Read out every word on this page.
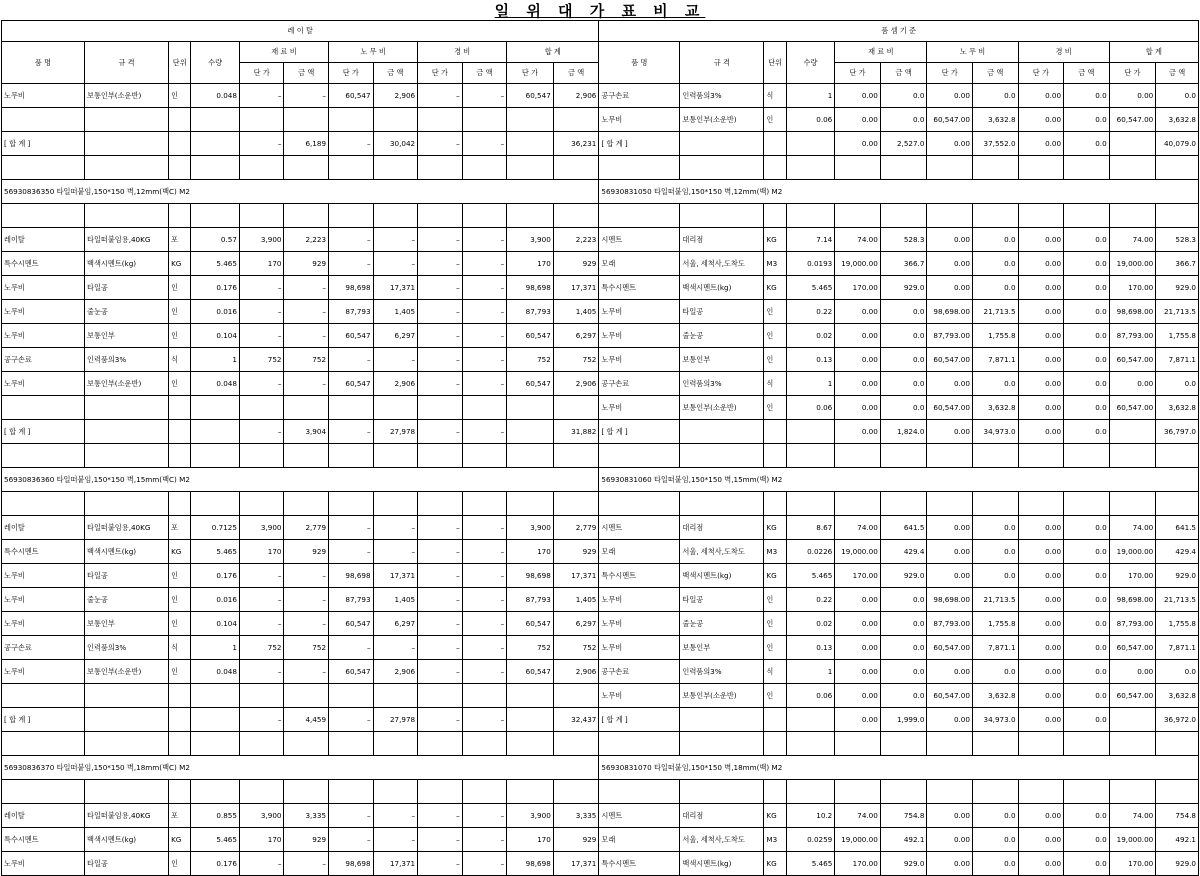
일 위 대 가 표 비 교
레 이 탈												품 셈 기 준											
품 명	규 격	단위	수량	재 료 비		노 무 비		경 비		합 계		품 명	규 격	단위	수량	재 료 비		노 무 비		경 비		합 계	
				단 가	금 액	단 가	금 액	단 가	금 액	단 가	금 액					단 가	금 액	단 가	금 액	단 가	금 액	단 가	금 액
노무비	보통인부(소운반)	인	0.048	–	–	60,547	2,906	–	–	60,547	2,906	공구손료	인력품의3%	식	1	0.00	0.0	0.00	0.0	0.00	0.0	0.00	0.0
												노무비	보통인부(소운반)	인	0.06	0.00	0.0	60,547.00	3,632.8	0.00	0.0	60,547.00	3,632.8
[ 합 계 ]				–	6,189	–	30,042	–	–		36,231	[ 합 계 ]				0.00	2,527.0	0.00	37,552.0	0.00	0.0		40,079.0

56930836350 타일떠붙임,150*150 벽,12mm(백C) M2												56930831050 타일떠붙임,150*150 벽,12mm(백) M2											

레이탈	타일떠붙임용,40KG	포	0.57	3,900	2,223	–	–	–	–	3,900	2,223	시멘트	대리점	KG	7.14	74.00	528.3	0.00	0.0	0.00	0.0	74.00	528.3
특수시멘트	백색시멘트(kg)	KG	5.465	170	929	–	–	–	–	170	929	모래	서울, 세척사,도착도	M3	0.0193	19,000.00	366.7	0.00	0.0	0.00	0.0	19,000.00	366.7
노무비	타일공	인	0.176	–	–	98,698	17,371	–	–	98,698	17,371	특수시멘트	백색시멘트(kg)	KG	5.465	170.00	929.0	0.00	0.0	0.00	0.0	170.00	929.0
노무비	줄눈공	인	0.016	–	–	87,793	1,405	–	–	87,793	1,405	노무비	타일공	인	0.22	0.00	0.0	98,698.00	21,713.5	0.00	0.0	98,698.00	21,713.5
노무비	보통인부	인	0.104	–	–	60,547	6,297	–	–	60,547	6,297	노무비	줄눈공	인	0.02	0.00	0.0	87,793.00	1,755.8	0.00	0.0	87,793.00	1,755.8
공구손료	인력품의3%	식	1	752	752	–	–	–	–	752	752	노무비	보통인부	인	0.13	0.00	0.0	60,547.00	7,871.1	0.00	0.0	60,547.00	7,871.1
노무비	보통인부(소운반)	인	0.048	–	–	60,547	2,906	–	–	60,547	2,906	공구손료	인력품의3%	식	1	0.00	0.0	0.00	0.0	0.00	0.0	0.00	0.0
												노무비	보통인부(소운반)	인	0.06	0.00	0.0	60,547.00	3,632.8	0.00	0.0	60,547.00	3,632.8
[ 합 계 ]				–	3,904	–	27,978	–	–		31,882	[ 합 계 ]				0.00	1,824.0	0.00	34,973.0	0.00	0.0		36,797.0

56930836360 타일떠붙임,150*150 벽,15mm(백C) M2												56930831060 타일떠붙임,150*150 벽,15mm(백) M2											

레이탈	타일떠붙임용,40KG	포	0.7125	3,900	2,779	–	–	–	–	3,900	2,779	시멘트	대리점	KG	8.67	74.00	641.5	0.00	0.0	0.00	0.0	74.00	641.5
특수시멘트	백색시멘트(kg)	KG	5.465	170	929	–	–	–	–	170	929	모래	서울, 세척사,도착도	M3	0.0226	19,000.00	429.4	0.00	0.0	0.00	0.0	19,000.00	429.4
노무비	타일공	인	0.176	–	–	98,698	17,371	–	–	98,698	17,371	특수시멘트	백색시멘트(kg)	KG	5.465	170.00	929.0	0.00	0.0	0.00	0.0	170.00	929.0
노무비	줄눈공	인	0.016	–	–	87,793	1,405	–	–	87,793	1,405	노무비	타일공	인	0.22	0.00	0.0	98,698.00	21,713.5	0.00	0.0	98,698.00	21,713.5
노무비	보통인부	인	0.104	–	–	60,547	6,297	–	–	60,547	6,297	노무비	줄눈공	인	0.02	0.00	0.0	87,793.00	1,755.8	0.00	0.0	87,793.00	1,755.8
공구손료	인력품의3%	식	1	752	752	–	–	–	–	752	752	노무비	보통인부	인	0.13	0.00	0.0	60,547.00	7,871.1	0.00	0.0	60,547.00	7,871.1
노무비	보통인부(소운반)	인	0.048	–	–	60,547	2,906	–	–	60,547	2,906	공구손료	인력품의3%	식	1	0.00	0.0	0.00	0.0	0.00	0.0	0.00	0.0
												노무비	보통인부(소운반)	인	0.06	0.00	0.0	60,547.00	3,632.8	0.00	0.0	60,547.00	3,632.8
[ 합 계 ]				–	4,459	–	27,978	–	–		32,437	[ 합 계 ]				0.00	1,999.0	0.00	34,973.0	0.00	0.0		36,972.0

56930836370 타일떠붙임,150*150 벽,18mm(백C) M2												56930831070 타일떠붙임,150*150 벽,18mm(백) M2											

레이탈	타일떠붙임용,40KG	포	0.855	3,900	3,335	–	–	–	–	3,900	3,335	시멘트	대리점	KG	10.2	74.00	754.8	0.00	0.0	0.00	0.0	74.00	754.8
특수시멘트	백색시멘트(kg)	KG	5.465	170	929	–	–	–	–	170	929	모래	서울, 세척사,도착도	M3	0.0259	19,000.00	492.1	0.00	0.0	0.00	0.0	19,000.00	492.1
노무비	타일공	인	0.176	–	–	98,698	17,371	–	–	98,698	17,371	특수시멘트	백색시멘트(kg)	KG	5.465	170.00	929.0	0.00	0.0	0.00	0.0	170.00	929.0
